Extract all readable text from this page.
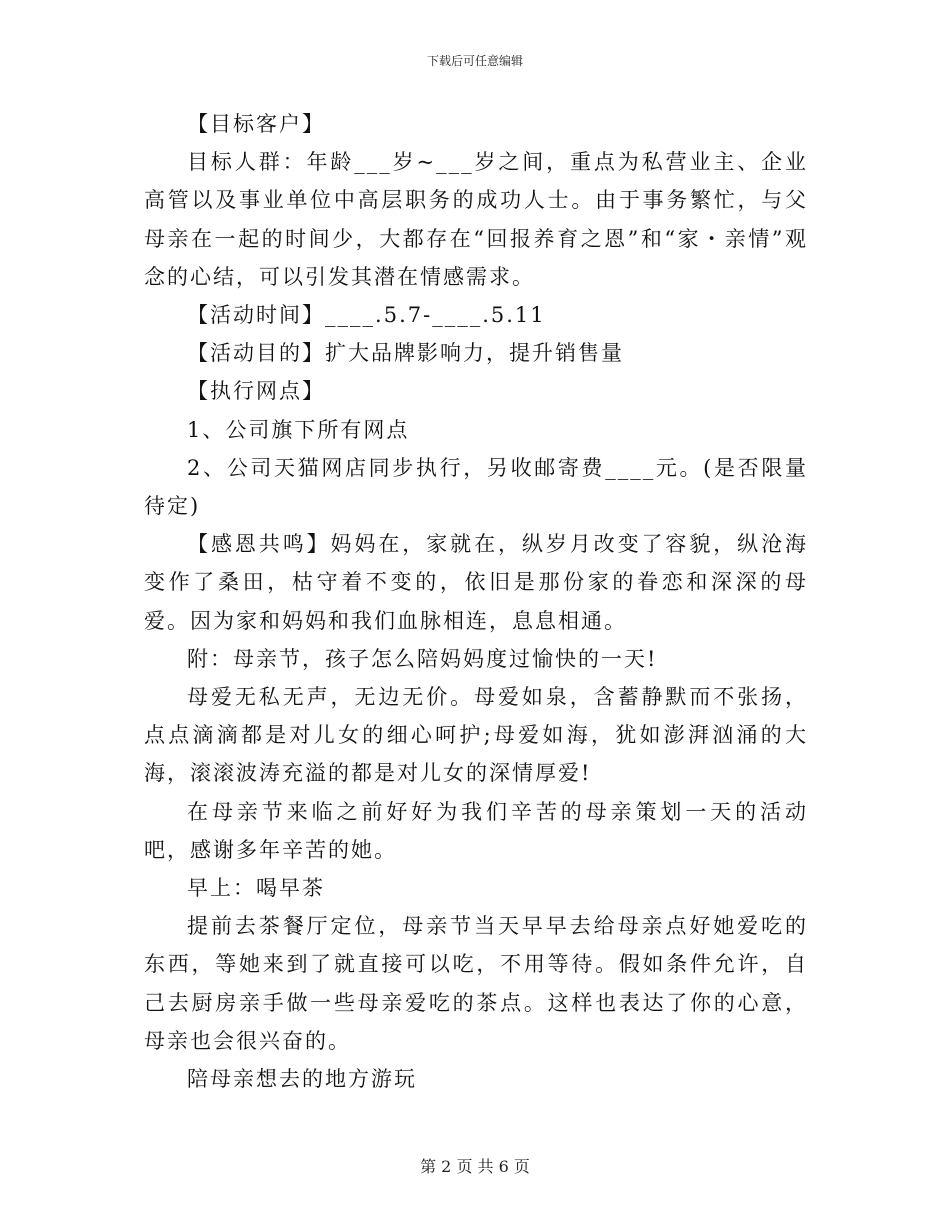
下载后可任意编辑

【目标客户】

目标人群：年龄___岁~___岁之间，重点为私营业主、企业高管以及事业单位中高层职务的成功人士。由于事务繁忙，与父母亲在一起的时间少，大都存在“回报养育之恩”和“家・亲情”观念的心结，可以引发其潜在情感需求。

【活动时间】____.5.7-____.5.11

【活动目的】扩大品牌影响力，提升销售量

【执行网点】

1、公司旗下所有网点

2、公司天猫网店同步执行，另收邮寄费____元。(是否限量待定)

【感恩共鸣】妈妈在，家就在，纵岁月改变了容貌，纵沧海变作了桑田，枯守着不变的，依旧是那份家的眷恋和深深的母爱。因为家和妈妈和我们血脉相连，息息相通。

附：母亲节，孩子怎么陪妈妈度过愉快的一天!

母爱无私无声，无边无价。母爱如泉，含蓄静默而不张扬，点点滴滴都是对儿女的细心呵护;母爱如海，犹如澎湃汹涌的大海，滚滚波涛充溢的都是对儿女的深情厚爱!

在母亲节来临之前好好为我们辛苦的母亲策划一天的活动吧，感谢多年辛苦的她。

早上：喝早茶

提前去茶餐厅定位，母亲节当天早早去给母亲点好她爱吃的东西，等她来到了就直接可以吃，不用等待。假如条件允许，自己去厨房亲手做一些母亲爱吃的茶点。这样也表达了你的心意，母亲也会很兴奋的。

陪母亲想去的地方游玩

第 2 页 共 6 页
